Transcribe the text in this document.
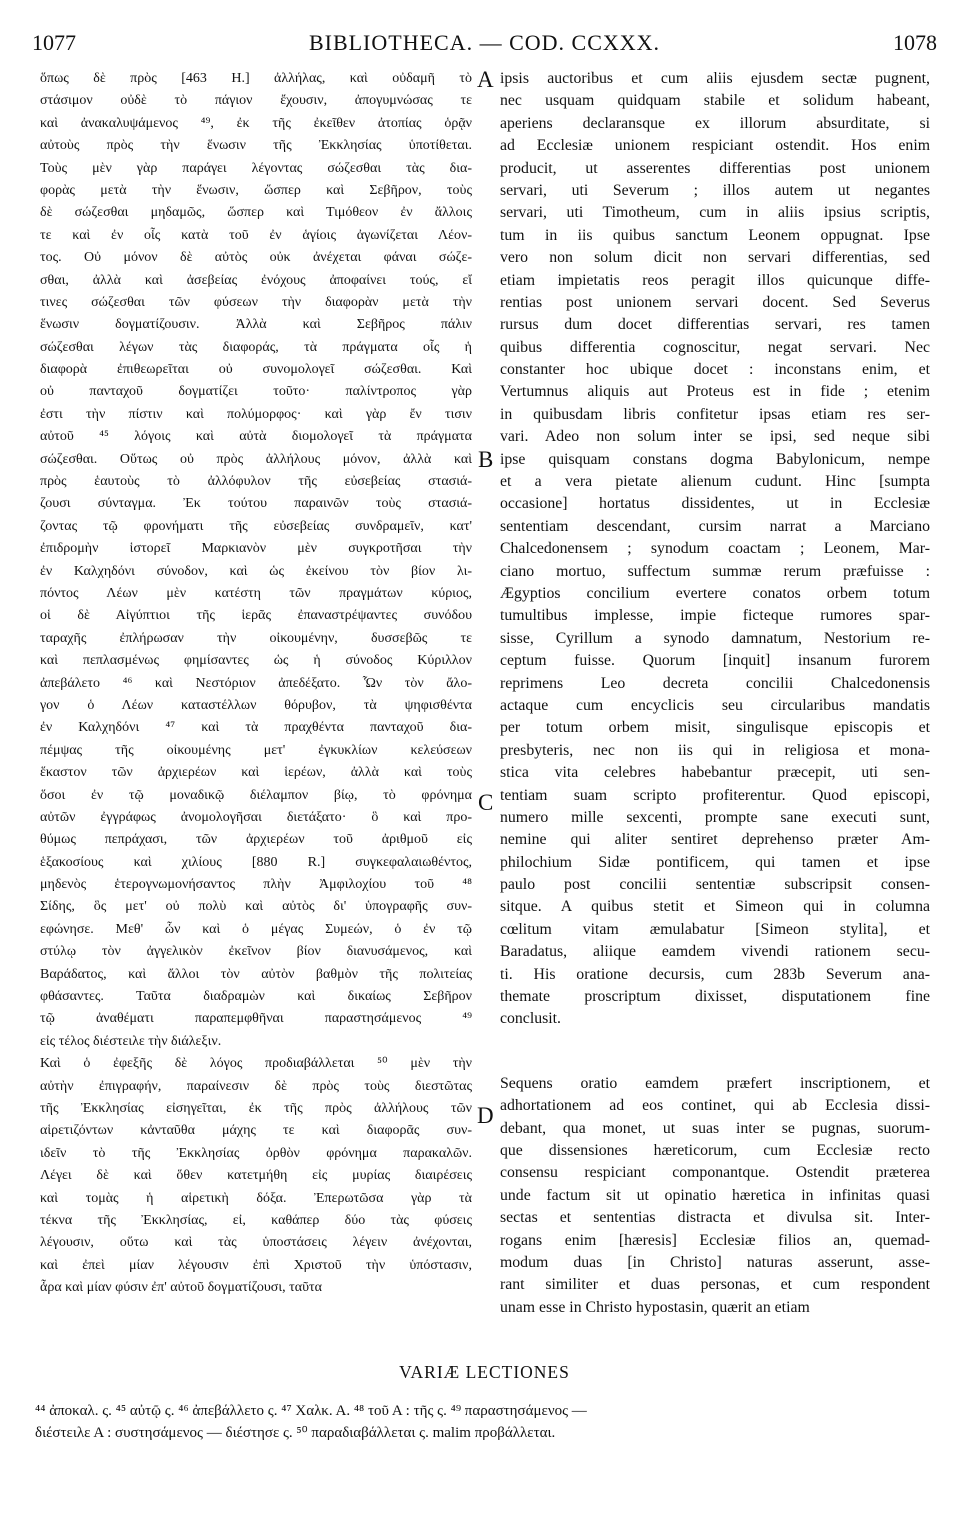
1077	BIBLIOTHECA. — COD. CCXXX.	1078
ὅπως δὲ πρὸς [463 Η.] ἀλλήλας, καὶ οὐδαμῆ τὸ
στάσιμον οὐδὲ τὸ πάγιον ἔχουσιν, ἀπογυμνώσας τε
καὶ ἀνακαλυψάμενος ⁴⁹, ἐκ τῆς ἐκεῖθεν ἀτοπίας ὁρᾷν
αὐτοὺς πρὸς τὴν ἕνωσιν τῆς Ἐκκλησίας ὑποτίθεται.
Τοὺς μὲν γὰρ παράγει λέγοντας σώζεσθαι τὰς δια-
φορὰς μετὰ τὴν ἕνωσιν, ὥσπερ καὶ Σεβῆρον, τοὺς
δὲ σώζεσθαι μηδαμῶς, ὥσπερ καὶ Τιμόθεον ἐν ἄλλοις
τε καὶ ἐν οἷς κατὰ τοῦ ἐν ἁγίοις ἀγωνίζεται Λέον-
τος. Οὐ μόνον δὲ αὐτὸς οὐκ ἀνέχεται φάναι σώζε-
σθαι, ἀλλὰ καὶ ἀσεβείας ἐνόχους ἀποφαίνει τούς, εἴ
τινες σώζεσθαι τῶν φύσεων τὴν διαφορὰν μετὰ τὴν
ἕνωσιν δογματίζουσιν. Ἀλλὰ καὶ Σεβῆρος πάλιν
σώζεσθαι λέγων τὰς διαφοράς, τὰ πράγματα οἷς ἡ
διαφορὰ ἐπιθεωρεῖται οὐ συνομολογεῖ σώζεσθαι. Καὶ
οὐ πανταχοῦ δογματίζει τοῦτο· παλίντροπος γὰρ
ἐστι τὴν πίστιν καὶ πολύμορφος· καὶ γὰρ ἔν τισιν
αὐτοῦ ⁴⁵ λόγοις καὶ αὐτὰ διομολογεῖ τὰ πράγματα
σώζεσθαι. Οὕτως οὐ πρὸς ἀλλήλους μόνον, ἀλλὰ καὶ
πρὸς ἑαυτοὺς τὸ ἀλλόφυλον τῆς εὐσεβείας στασιά-
ζουσι σύνταγμα. Ἐκ τούτου παραινῶν τοὺς στασιά-
ζοντας τῷ φρονήματι τῆς εὐσεβείας συνδραμεῖν, κατ'
ἐπιδρομὴν ἱστορεῖ Μαρκιανὸν μὲν συγκροτῆσαι τὴν
ἐν Καλχηδόνι σύνοδον, καὶ ὡς ἐκείνου τὸν βίον λι-
πόντος Λέων μὲν κατέστη τῶν πραγμάτων κύριος,
οἱ δὲ Αἰγύπτιοι τῆς ἱερᾶς ἐπαναστρέψαντες συνόδου
ταραχῆς ἐπλήρωσαν τὴν οἰκουμένην, δυσσεβῶς τε
καὶ πεπλασμένως φημίσαντες ὡς ἡ σύνοδος Κύριλλον
ἀπεβάλετο ⁴⁶ καὶ Νεστόριον ἀπεδέξατο. Ὧν τὸν ἄλο-
γον ὁ Λέων καταστέλλων θόρυβον, τὰ ψηφισθέντα
ἐν Καλχηδόνι ⁴⁷ καὶ τὰ πραχθέντα πανταχοῦ δια-
πέμψας τῆς οἰκουμένης μετ' ἐγκυκλίων κελεύσεων
ἕκαστον τῶν ἀρχιερέων καὶ ἱερέων, ἀλλὰ καὶ τοὺς
ὅσοι ἐν τῷ μοναδικῷ διέλαμπον βίῳ, τὸ φρόνημα
αὐτῶν ἐγγράφως ἀνομολογῆσαι διετάξατο· ὃ καὶ προ-
θύμως πεπράχασι, τῶν ἀρχιερέων τοῦ ἀριθμοῦ εἰς
ἑξακοσίους καὶ χιλίους [880 R.] συγκεφαλαιωθέντος,
μηδενὸς ἑτερογνωμονήσαντος πλὴν Ἀμφιλοχίου τοῦ ⁴⁸
Σίδης, ὃς μετ' οὐ πολὺ καὶ αὐτὸς δι' ὑπογραφῆς συν-
εφώνησε. Μεθ' ὧν καὶ ὁ μέγας Συμεών, ὁ ἐν τῷ
στύλῳ τὸν ἀγγελικὸν ἐκεῖνον βίον διανυσάμενος, καὶ
Βαράδατος, καὶ ἄλλοι τὸν αὐτὸν βαθμὸν τῆς πολιτείας
φθάσαντες. Ταῦτα διαδραμὼν καὶ δικαίως Σεβῆρον
τῷ ἀναθέματι παραπεμφθῆναι παραστησάμενος ⁴⁹
εἰς τέλος διέστειλε τὴν διάλεξιν.
Καὶ ὁ ἐφεξῆς δὲ λόγος προδιαβάλλεται ⁵⁰ μὲν τὴν
αὐτὴν ἐπιγραφήν, παραίνεσιν δὲ πρὸς τοὺς διεστῶτας
τῆς Ἐκκλησίας εἰσηγεῖται, ἐκ τῆς πρὸς ἀλλήλους τῶν
αἱρετιζόντων κἀνταῦθα μάχης τε καὶ διαφορᾶς συν-
ιδεῖν τὸ τῆς Ἐκκλησίας ὀρθὸν φρόνημα παρακαλῶν.
Λέγει δὲ καὶ ὅθεν κατετμήθη εἰς μυρίας διαιρέσεις
καὶ τομὰς ἡ αἱρετικὴ δόξα. Ἐπερωτῶσα γὰρ τὰ
τέκνα τῆς Ἐκκλησίας, εἰ, καθάπερ δύο τὰς φύσεις
λέγουσιν, οὕτω καὶ τὰς ὑποστάσεις λέγειν ἀνέχονται,
καὶ ἐπεὶ μίαν λέγουσιν ἐπὶ Χριστοῦ τὴν ὑπόστασιν,
ἆρα καὶ μίαν φύσιν ἐπ' αὐτοῦ δογματίζουσι, ταῦτα
ipsis auctoribus et cum aliis ejusdem sectæ pugnent,
nec usquam quidquam stabile et solidum habeant,
aperiens declaransque ex illorum absurditate, si
ad Ecclesiæ unionem respiciant ostendit. Hos enim
producit, ut asserentes differentias post unionem
servari, uti Severum ; illos autem ut negantes
servari, uti Timotheum, cum in aliis ipsius scriptis,
tum in iis quibus sanctum Leonem oppugnat. Ipse
vero non solum dicit non servari differentias, sed
etiam impietatis reos peragit illos quicunque diffe-
rentias post unionem servari docent. Sed Severus
rursus dum docet differentias servari, res tamen
quibus differentia cognoscitur, negat servari. Nec
constanter hoc ubique docet : inconstans enim, et
Vertumnus aliquis aut Proteus est in fide ; etenim
in quibusdam libris confitetur ipsas etiam res ser-
vari. Adeo non solum inter se ipsi, sed neque sibi
ipse quisquam constans dogma Babylonicum, nempe
et a vera pietate alienum cudunt. Hinc [sumpta
occasione] hortatus dissidentes, ut in Ecclesiæ
sententiam descendant, cursim narrat a Marciano
Chalcedonensem ; synodum coactam ; Leonem, Mar-
ciano mortuo, suffectum summæ rerum præfuisse :
Ægyptios concilium evertere conatos orbem totum
tumultibus implesse, impie ficteque rumores spar-
sisse, Cyrillum a synodo damnatum, Nestorium re-
ceptum fuisse. Quorum [inquit] insanum furorem
reprimens Leo decreta concilii Chalcedonensis
actaque cum encyclicis seu circularibus mandatis
per totum orbem misit, singulisque episcopis et
presbyteris, nec non iis qui in religiosa et mona-
stica vita celebres habebantur præcepit, uti sen-
tentiam suam scripto profiterentur. Quod episcopi,
numero mille sexcenti, prompte sane executi sunt,
nemine qui aliter sentiret deprehenso præter Am-
philochium Sidæ pontificem, qui tamen et ipse
paulo post concilii sententiæ subscripsit consen-
sitque. A quibus stetit et Simeon qui in columna
cœlitum vitam æmulabatur [Simeon stylita], et
Baradatus, aliique eamdem vivendi rationem secu-
ti. His oratione decursis, cum 283b Severum ana-
themate proscriptum dixisset, disputationem fine
conclusit.
Sequens oratio eamdem præfert inscriptionem, et
adhortationem ad eos continet, qui ab Ecclesia dissi-
debant, qua monet, ut suas inter se pugnas, suorum-
que dissensiones hæreticorum, cum Ecclesiæ recto
consensu respiciant componantque. Ostendit præterea
unde factum sit ut opinatio hæretica in infinitas quasi
sectas et sententias distracta et divulsa sit. Inter-
rogans enim [hæresis] Ecclesiæ filios an, quemad-
modum duas [in Christo] naturas asserunt, asse-
rant similiter et duas personas, et cum respondent
unam esse in Christo hypostasin, quærit an etiam
A
B
C
D
VARIÆ LECTIONES
⁴⁴ ἀποκαλ. ς. ⁴⁵ αὐτῷ ς. ⁴⁶ ἀπεβάλλετο ς. ⁴⁷ Χαλκ. Α. ⁴⁸ τοῦ Α : τῆς ς. ⁴⁹ παραστησάμενος —
διέστειλε Α : συστησάμενος — διέστησε ς. ⁵⁰ παραδιαβάλλεται ς. malim προβάλλεται.
